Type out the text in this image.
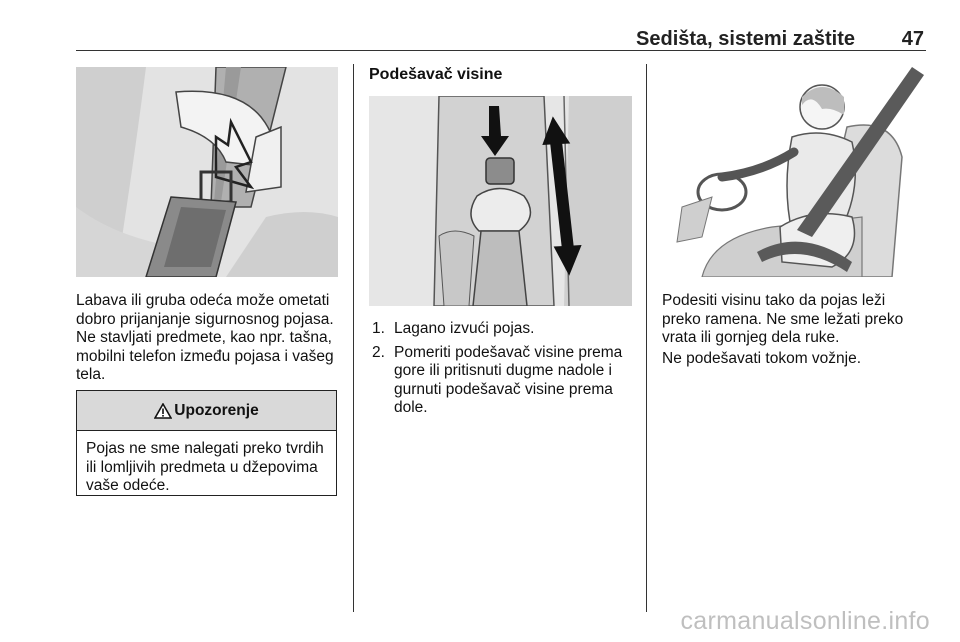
Sedišta, sistemi zaštite 47

Labava ili gruba odeća može ometati dobro prijanjanje sigurnosnog pojasa. Ne stavljati predmete, kao npr. tašna, mobilni telefon između pojasa i vašeg tela.

Upozorenje

Pojas ne sme nalegati preko tvrdih ili lomljivih predmeta u džepovima vaše odeće.

Podešavač visine
1. Lagano izvući pojas.
2. Pomeriti podešavač visine prema gore ili pritisnuti dugme nadole i gurnuti podešavač visine prema dole.

Podesiti visinu tako da pojas leži preko ramena. Ne sme ležati preko vrata ili gornjeg dela ruke.

Ne podešavati tokom vožnje.

carmanualsonline.info
